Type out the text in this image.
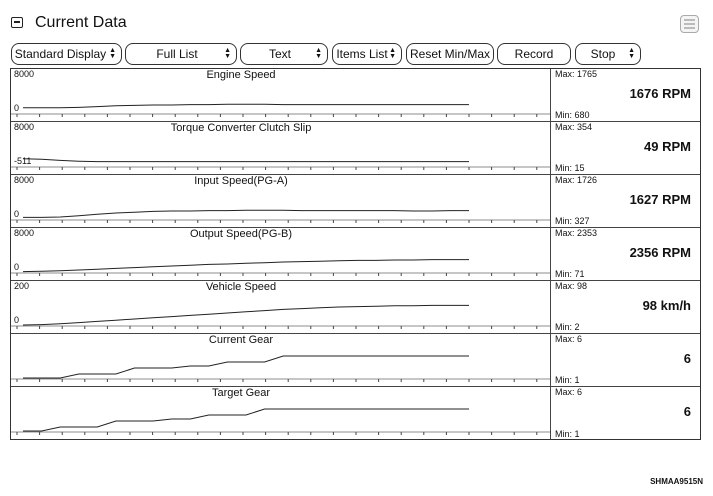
Current Data
Standard Display ▲
▼	Full List	▲
▼	Text	▲
▼ Items List ▲
▼ Reset Min/Max Record	Stop ▲
▼
8000
0
Engine Speed	Max: 1765
1676 RPM
Min: 680
8000
-511
Torque Converter Clutch Slip	Max: 354
49 RPM
Min: 15
8000
0
Input Speed(PG-A)	Max: 1726
1627 RPM
Min: 327
8000
0
Output Speed(PG-B)	Max: 2353
2356 RPM
Min: 71
200
0
Vehicle Speed	Max: 98
98 km/h
Min: 2
Current Gear	Max: 6
6
Min: 1
Target Gear	Max: 6
6
Min: 1
SHMAA9515N
